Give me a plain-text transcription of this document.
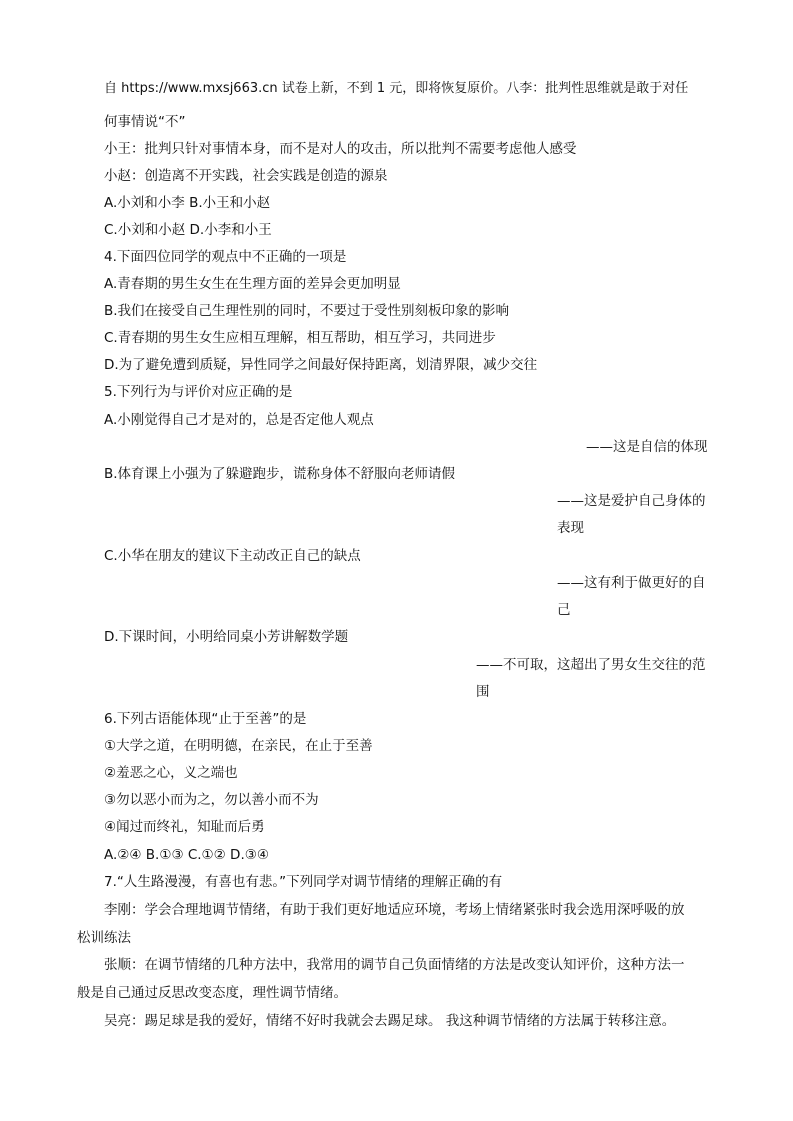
自 https://www.mxsj663.cn 试卷上新，不到 1 元，即将恢复原价。八李：批判性思维就是敢于对任
何事情说“不”
小王：批判只针对事情本身，而不是对人的攻击，所以批判不需要考虑他人感受
小赵：创造离不开实践，社会实践是创造的源泉
A.小刘和小李 B.小王和小赵
C.小刘和小赵 D.小李和小王
4.下面四位同学的观点中不正确的一项是
A.青春期的男生女生在生理方面的差异会更加明显
B.我们在接受自己生理性别的同时，不要过于受性别刻板印象的影响
C.青春期的男生女生应相互理解，相互帮助，相互学习，共同进步
D.为了避免遭到质疑，异性同学之间最好保持距离，划清界限，减少交往
5.下列行为与评价对应正确的是
A.小刚觉得自己才是对的，总是否定他人观点
——这是自信的体现
B.体育课上小强为了躲避跑步，谎称身体不舒服向老师请假
——这是爱护自己身体的
表现
C.小华在朋友的建议下主动改正自己的缺点
——这有利于做更好的自
己
D.下课时间，小明给同桌小芳讲解数学题
——不可取，这超出了男女生交往的范
围
6.下列古语能体现“止于至善”的是
①大学之道，在明明德，在亲民，在止于至善
②羞恶之心，义之端也
③勿以恶小而为之，勿以善小而不为
④闻过而终礼，知耻而后勇
A.②④ B.①③ C.①② D.③④
7.“人生路漫漫，有喜也有悲。”下列同学对调节情绪的理解正确的有
李刚：学会合理地调节情绪，有助于我们更好地适应环境，考场上情绪紧张时我会选用深呼吸的放
松训练法
张顺：在调节情绪的几种方法中，我常用的调节自己负面情绪的方法是改变认知评价，这种方法一
般是自己通过反思改变态度，理性调节情绪。
吴亮：踢足球是我的爱好，情绪不好时我就会去踢足球。 我这种调节情绪的方法属于转移注意。
